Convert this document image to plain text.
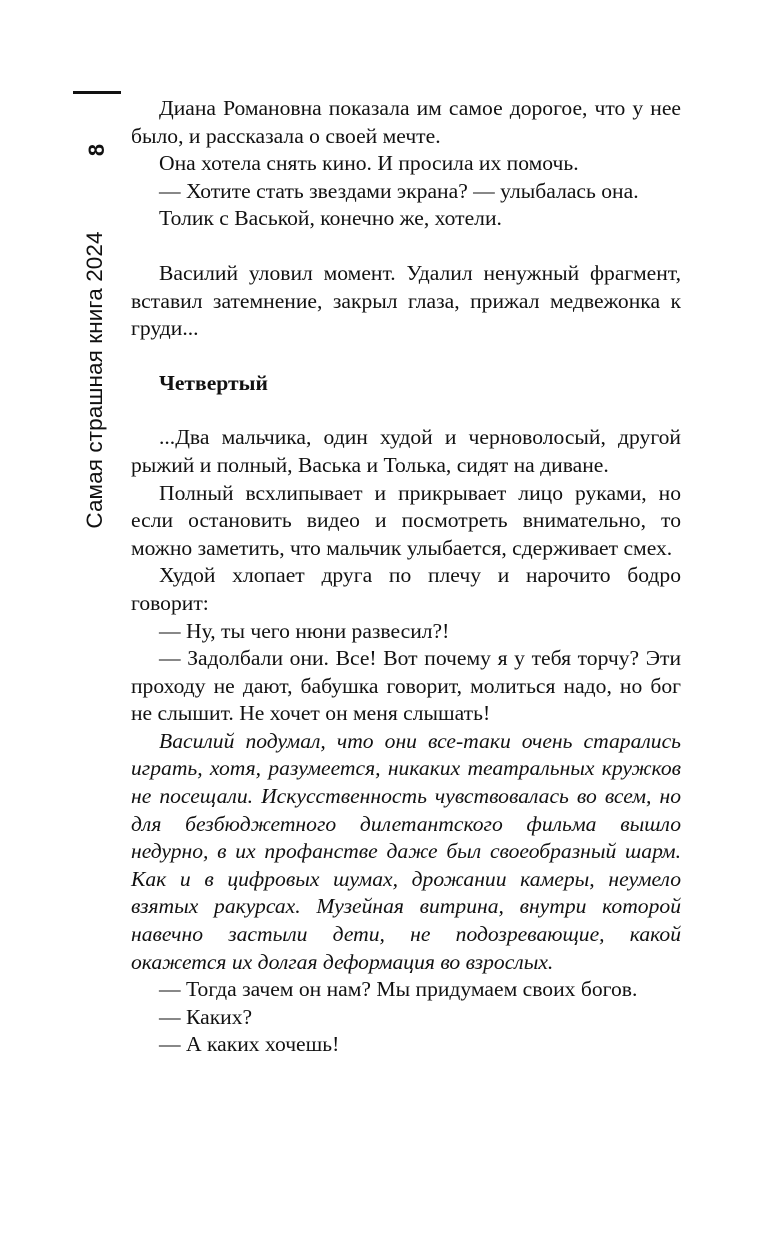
8
Самая страшная книга 2024

Диана Романовна показала им самое дорогое, что у нее было, и рассказала о своей мечте.

Она хотела снять кино. И просила их помочь.

— Хотите стать звездами экрана? — улыбалась она.

Толик с Васькой, конечно же, хотели.

Василий уловил момент. Удалил ненужный фрагмент, вставил затемнение, закрыл глаза, прижал медвежонка к груди...

Четвертый

...Два мальчика, один худой и черноволосый, другой рыжий и полный, Васька и Толька, сидят на диване.

Полный всхлипывает и прикрывает лицо руками, но если остановить видео и посмотреть внимательно, то можно заметить, что мальчик улыбается, сдерживает смех.

Худой хлопает друга по плечу и нарочито бодро говорит:

— Ну, ты чего нюни развесил?!

— Задолбали они. Все! Вот почему я у тебя торчу? Эти проходу не дают, бабушка говорит, молиться надо, но бог не слышит. Не хочет он меня слышать!

Василий подумал, что они все-таки очень старались играть, хотя, разумеется, никаких театральных кружков не посещали. Искусственность чувствовалась во всем, но для безбюджетного дилетантского фильма вышло недурно, в их профанстве даже был своеобразный шарм. Как и в цифровых шумах, дрожании камеры, неумело взятых ракурсах. Музейная витрина, внутри которой навечно застыли дети, не подозревающие, какой окажется их долгая деформация во взрослых.

— Тогда зачем он нам? Мы придумаем своих богов.

— Каких?

— А каких хочешь!
